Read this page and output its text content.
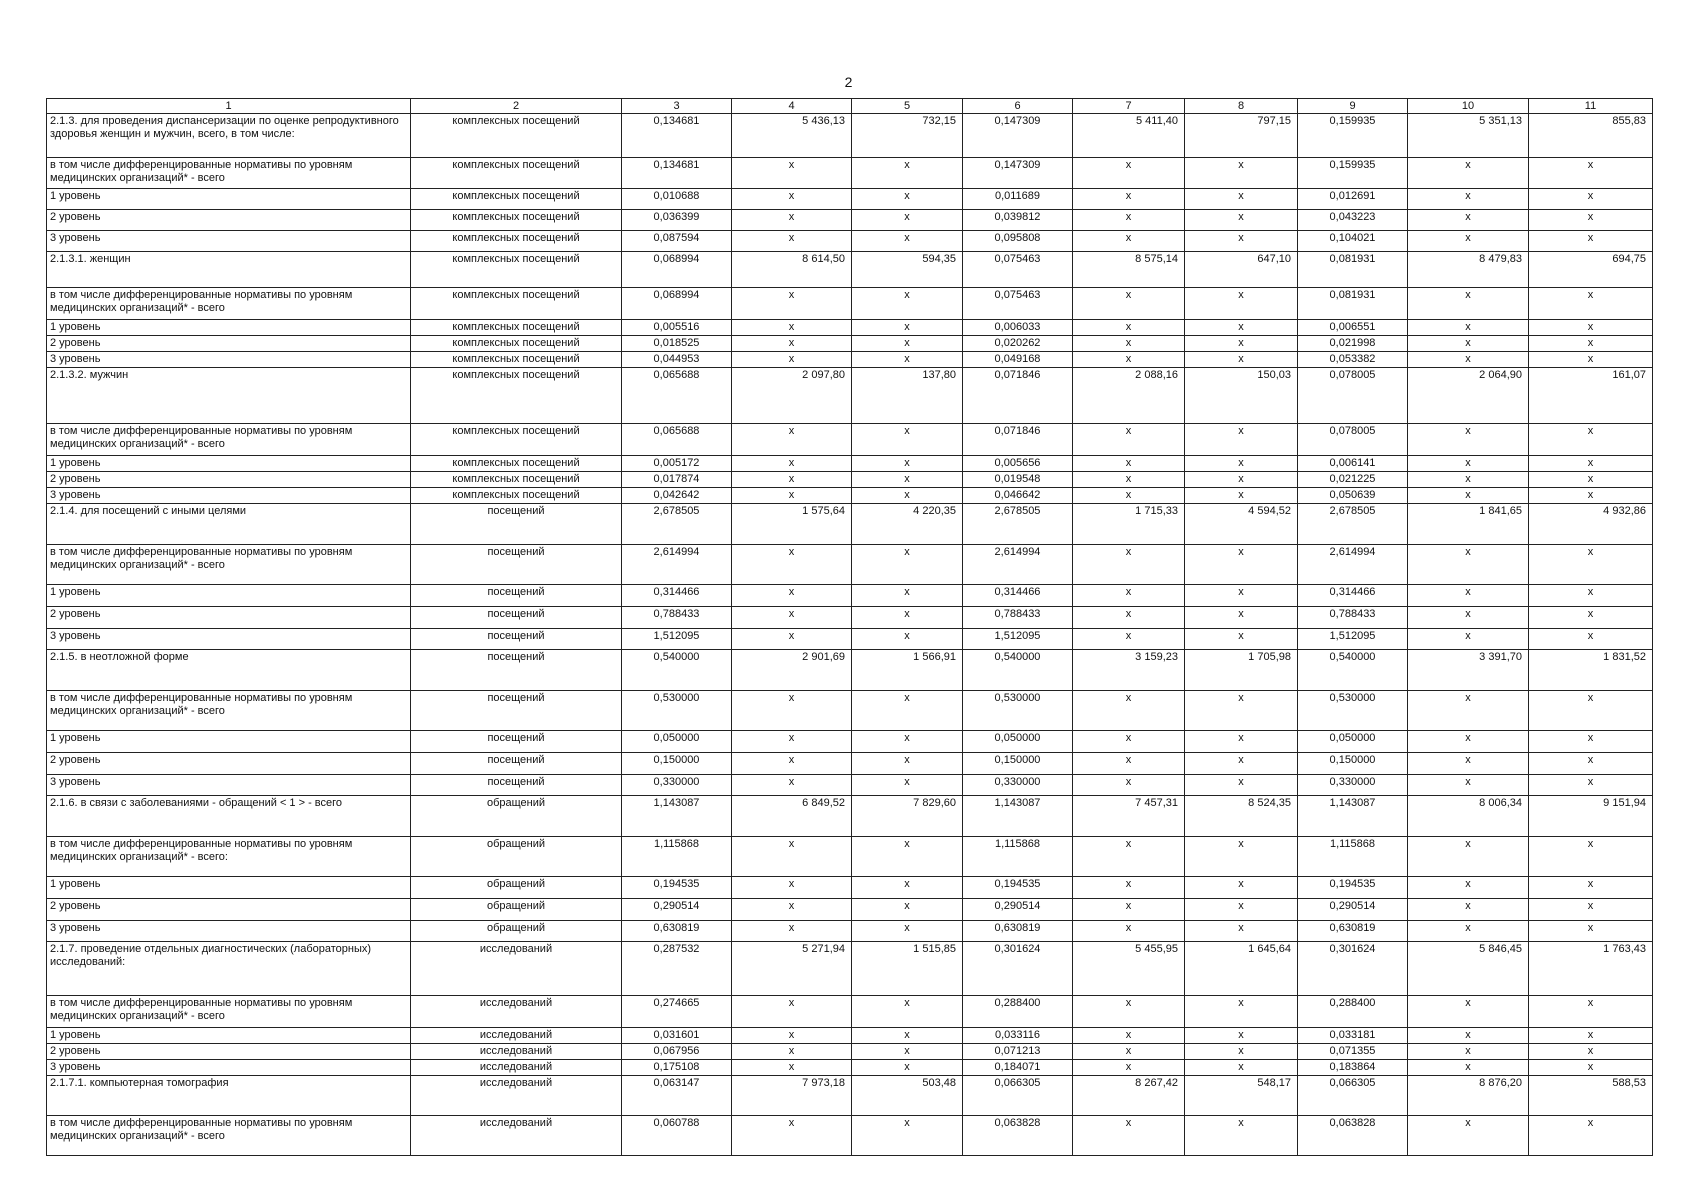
2
1	2	3	4	5	6	7	8	9	10	11
2.1.3. для проведения диспансеризации по оценке репродуктивного здоровья женщин и мужчин, всего, в том числе:	комплексных посещений	0,134681	5 436,13	732,15	0,147309	5 411,40	797,15	0,159935	5 351,13	855,83
в том числе дифференцированные нормативы по уровням медицинских организаций* - всего	комплексных посещений	0,134681	х	х	0,147309	х	х	0,159935	х	х
1 уровень	комплексных посещений	0,010688	х	х	0,011689	х	х	0,012691	х	х
2 уровень	комплексных посещений	0,036399	х	х	0,039812	х	х	0,043223	х	х
3 уровень	комплексных посещений	0,087594	х	х	0,095808	х	х	0,104021	х	х
2.1.3.1. женщин	комплексных посещений	0,068994	8 614,50	594,35	0,075463	8 575,14	647,10	0,081931	8 479,83	694,75
в том числе дифференцированные нормативы по уровням медицинских организаций* - всего	комплексных посещений	0,068994	х	х	0,075463	х	х	0,081931	х	х
1 уровень	комплексных посещений	0,005516	х	х	0,006033	х	х	0,006551	х	х
2 уровень	комплексных посещений	0,018525	х	х	0,020262	х	х	0,021998	х	х
3 уровень	комплексных посещений	0,044953	х	х	0,049168	х	х	0,053382	х	х
2.1.3.2. мужчин	комплексных посещений	0,065688	2 097,80	137,80	0,071846	2 088,16	150,03	0,078005	2 064,90	161,07
в том числе дифференцированные нормативы по уровням медицинских организаций* - всего	комплексных посещений	0,065688	х	х	0,071846	х	х	0,078005	х	х
1 уровень	комплексных посещений	0,005172	х	х	0,005656	х	х	0,006141	х	х
2 уровень	комплексных посещений	0,017874	х	х	0,019548	х	х	0,021225	х	х
3 уровень	комплексных посещений	0,042642	х	х	0,046642	х	х	0,050639	х	х
2.1.4. для посещений с иными целями	посещений	2,678505	1 575,64	4 220,35	2,678505	1 715,33	4 594,52	2,678505	1 841,65	4 932,86
в том числе дифференцированные нормативы по уровням медицинских организаций* - всего	посещений	2,614994	х	х	2,614994	х	х	2,614994	х	х
1 уровень	посещений	0,314466	х	х	0,314466	х	х	0,314466	х	х
2 уровень	посещений	0,788433	х	х	0,788433	х	х	0,788433	х	х
3 уровень	посещений	1,512095	х	х	1,512095	х	х	1,512095	х	х
2.1.5. в неотложной форме	посещений	0,540000	2 901,69	1 566,91	0,540000	3 159,23	1 705,98	0,540000	3 391,70	1 831,52
в том числе дифференцированные нормативы по уровням медицинских организаций* - всего	посещений	0,530000	х	х	0,530000	х	х	0,530000	х	х
1 уровень	посещений	0,050000	х	х	0,050000	х	х	0,050000	х	х
2 уровень	посещений	0,150000	х	х	0,150000	х	х	0,150000	х	х
3 уровень	посещений	0,330000	х	х	0,330000	х	х	0,330000	х	х
2.1.6. в связи с заболеваниями - обращений < 1 > - всего	обращений	1,143087	6 849,52	7 829,60	1,143087	7 457,31	8 524,35	1,143087	8 006,34	9 151,94
в том числе дифференцированные нормативы по уровням медицинских организаций* - всего:	обращений	1,115868	х	х	1,115868	х	х	1,115868	х	х
1 уровень	обращений	0,194535	х	х	0,194535	х	х	0,194535	х	х
2 уровень	обращений	0,290514	х	х	0,290514	х	х	0,290514	х	х
3 уровень	обращений	0,630819	х	х	0,630819	х	х	0,630819	х	х
2.1.7. проведение отдельных диагностических (лабораторных) исследований:	исследований	0,287532	5 271,94	1 515,85	0,301624	5 455,95	1 645,64	0,301624	5 846,45	1 763,43
в том числе дифференцированные нормативы по уровням медицинских организаций* - всего	исследований	0,274665	х	х	0,288400	х	х	0,288400	х	х
1 уровень	исследований	0,031601	х	х	0,033116	х	х	0,033181	х	х
2 уровень	исследований	0,067956	х	х	0,071213	х	х	0,071355	х	х
3 уровень	исследований	0,175108	х	х	0,184071	х	х	0,183864	х	х
2.1.7.1. компьютерная томография	исследований	0,063147	7 973,18	503,48	0,066305	8 267,42	548,17	0,066305	8 876,20	588,53
в том числе дифференцированные нормативы по уровням медицинских организаций* - всего	исследований	0,060788	х	х	0,063828	х	х	0,063828	х	х
